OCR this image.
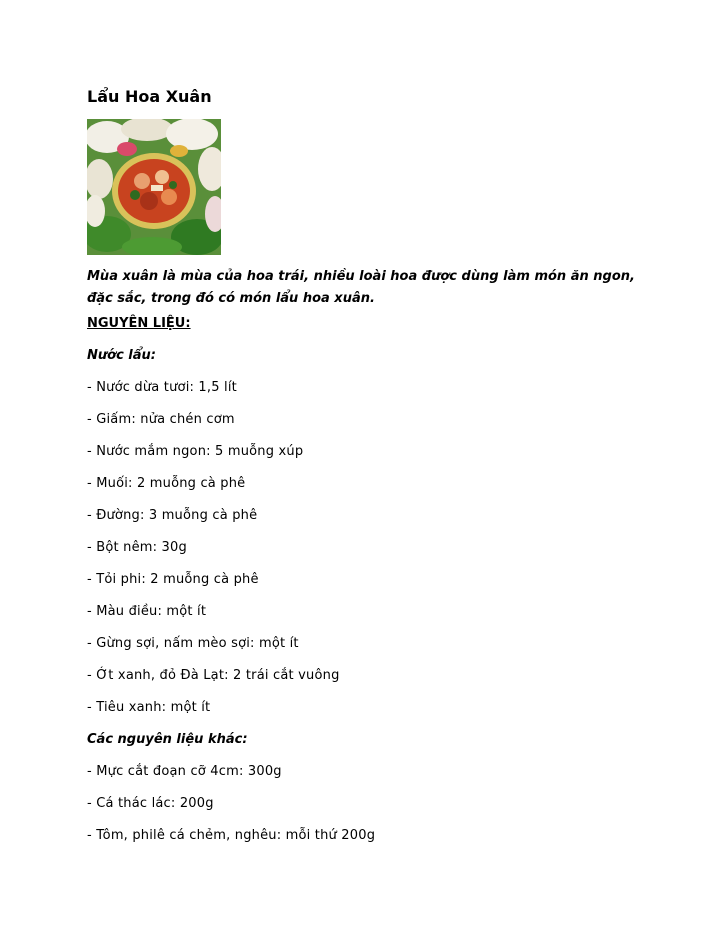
Lẩu Hoa Xuân
Mùa xuân là mùa của hoa trái, nhiều loài hoa được dùng làm món ăn ngon,
đặc sắc, trong đó có món lẩu hoa xuân.
NGUYÊN LIỆU:
Nước lẩu:
- Nước dừa tươi: 1,5 lít
- Giấm: nửa chén cơm
- Nước mắm ngon: 5 muỗng xúp
- Muối: 2 muỗng cà phê
- Đường: 3 muỗng cà phê
- Bột nêm: 30g
- Tỏi phi: 2 muỗng cà phê
- Màu điều: một ít
- Gừng sợi, nấm mèo sợi: một ít
- Ớt xanh, đỏ Đà Lạt: 2 trái cắt vuông
- Tiêu xanh: một ít
Các nguyên liệu khác:
- Mực cắt đoạn cỡ 4cm: 300g
- Cá thác lác: 200g
- Tôm, philê cá chẻm, nghêu: mỗi thứ 200g
